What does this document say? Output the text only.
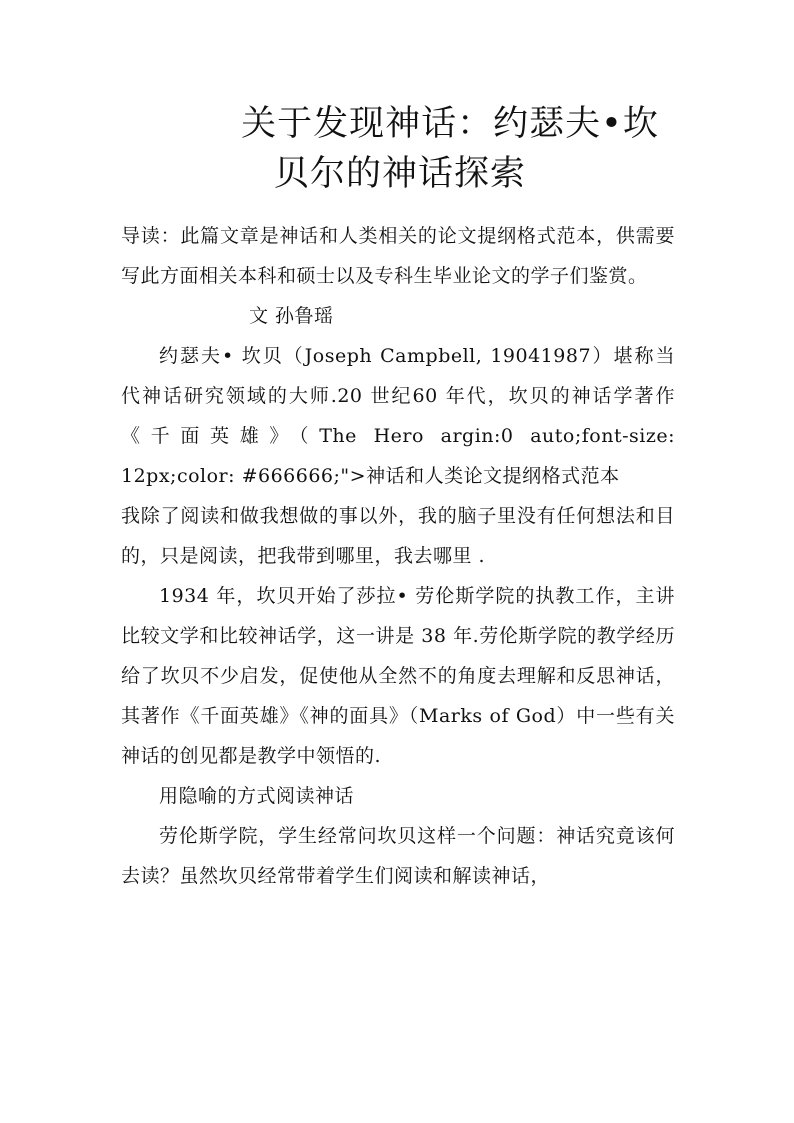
关于发现神话：约瑟夫•坎
贝尔的神话探索

导读：此篇文章是神话和人类相关的论文提纲格式范本，供需要写此方面相关本科和硕士以及专科生毕业论文的学子们鉴赏。

文 孙鲁瑶

约瑟夫• 坎贝（Joseph Campbell, 19041987）堪称当代神话研究领域的大师.20 世纪60 年代，坎贝的神话学著作《千面英雄》（The Hero argin:0 auto;font-size: 12px;color: #666666;">神话和人类论文提纲格式范本

我除了阅读和做我想做的事以外，我的脑子里没有任何想法和目的，只是阅读，把我带到哪里，我去哪里 .

1934 年，坎贝开始了莎拉• 劳伦斯学院的执教工作，主讲比较文学和比较神话学，这一讲是 38 年.劳伦斯学院的教学经历给了坎贝不少启发，促使他从全然不的角度去理解和反思神话，其著作《千面英雄》《神的面具》（Marks of God）中一些有关神话的创见都是教学中领悟的.

用隐喻的方式阅读神话

劳伦斯学院，学生经常问坎贝这样一个问题：神话究竟该何去读？虽然坎贝经常带着学生们阅读和解读神话，
